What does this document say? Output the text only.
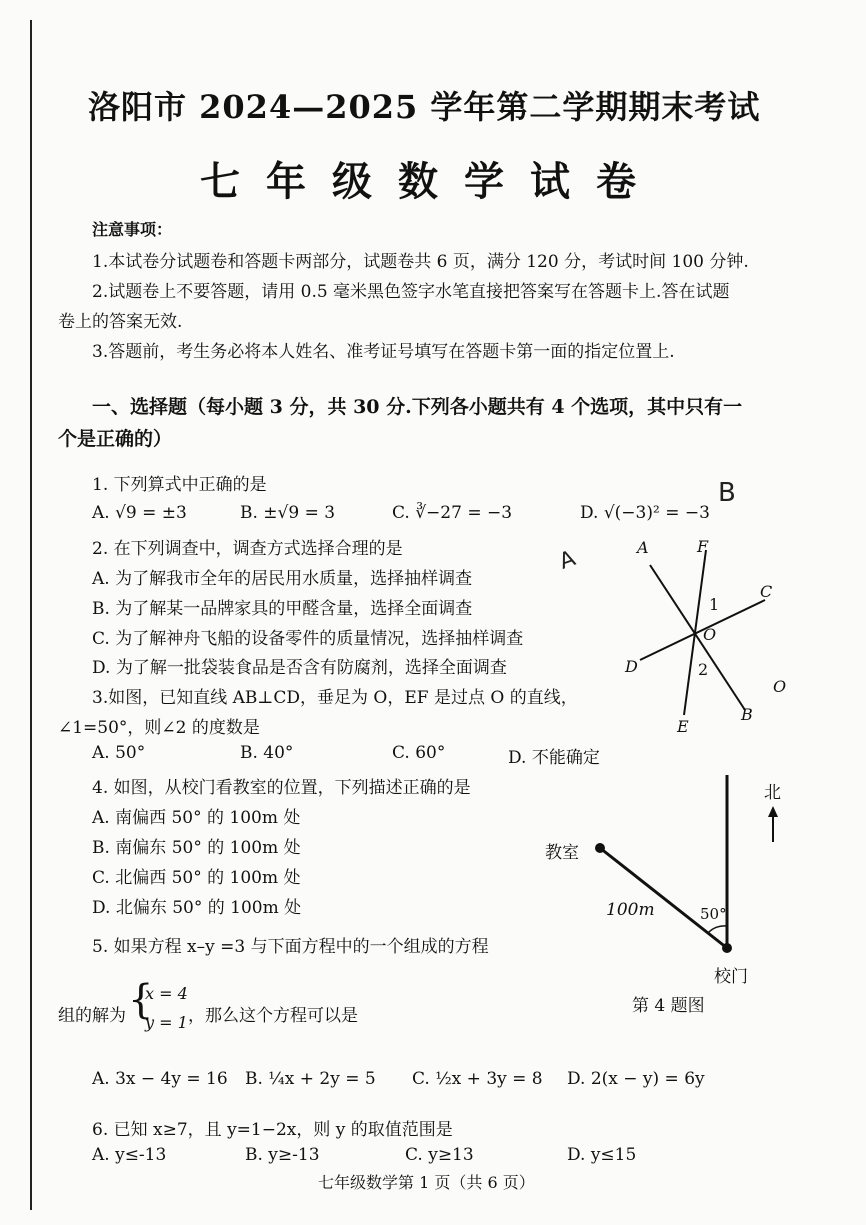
洛阳市 2024—2025 学年第二学期期末考试
七年级数学试卷
注意事项：
1.本试卷分试题卷和答题卡两部分，试题卷共 6 页，满分 120 分，考试时间 100 分钟.
2.试题卷上不要答题，请用 0.5 毫米黑色签字水笔直接把答案写在答题卡上.答在试题
卷上的答案无效.
3.答题前，考生务必将本人姓名、准考证号填写在答题卡第一面的指定位置上.
一、选择题（每小题 3 分，共 30 分.下列各小题共有 4 个选项，其中只有一
个是正确的）
1. 下列算式中正确的是
A. √9 = ±3	B. ±√9 = 3	C. ∛−27 = −3	D. √(−3)² = −3
B
2. 在下列调查中，调查方式选择合理的是	A
A. 为了解我市全年的居民用水质量，选择抽样调查
B. 为了解某一品牌家具的甲醛含量，选择全面调查
C. 为了解神舟飞船的设备零件的质量情况，选择抽样调查
D. 为了解一批袋装食品是否含有防腐剂，选择全面调查
3.如图，已知直线 AB⊥CD，垂足为 O，EF 是过点 O 的直线，
∠1=50°，则∠2 的度数是
A. 50°	B. 40°	C. 60°	D. 不能确定
A	F
C
1
O
D	2
O
B
E
4. 如图，从校门看教室的位置，下列描述正确的是
A. 南偏西 50° 的 100m 处
B. 南偏东 50° 的 100m 处
C. 北偏西 50° 的 100m 处
D. 北偏东 50° 的 100m 处
北
教室
100m	50°
校门
第 4 题图
5. 如果方程 x–y =3 与下面方程中的一个组成的方程
组的解为 {
x = 4
y = 1 ，那么这个方程可以是
A. 3x − 4y = 16 B. ¼x + 2y = 5 C. ½x + 3y = 8 D. 2(x − y) = 6y
6. 已知 x≥7，且 y=1−2x，则 y 的取值范围是
A. y≤-13	B. y≥-13	C. y≥13	D. y≤15
七年级数学第 1 页（共 6 页）
